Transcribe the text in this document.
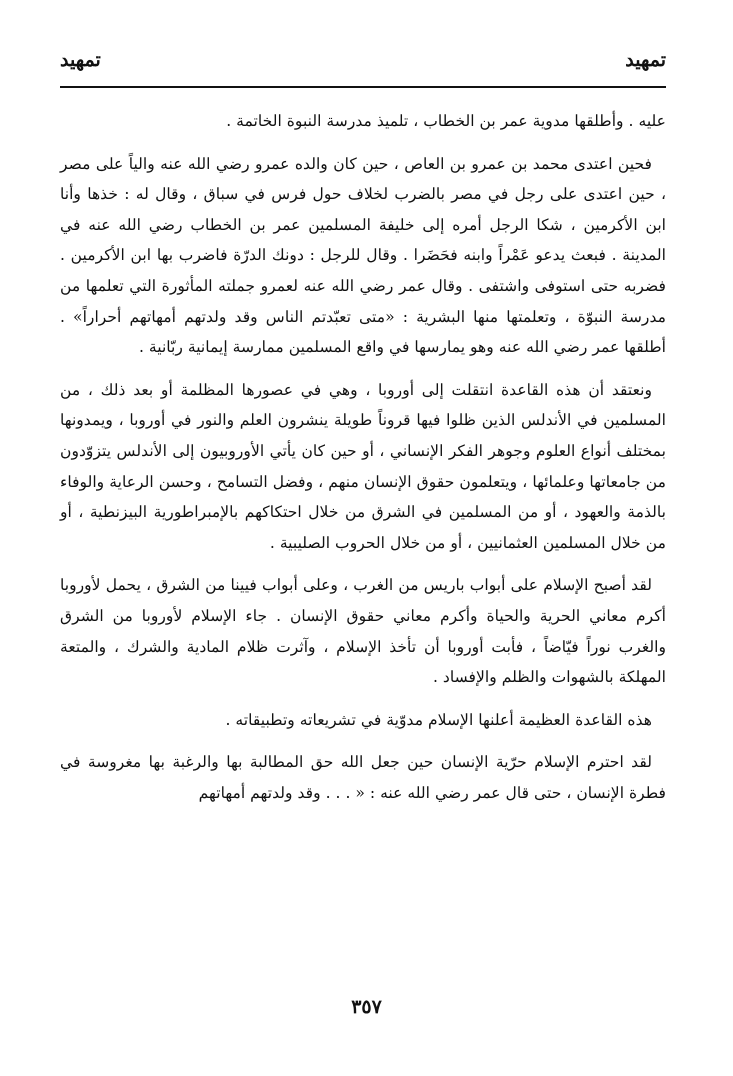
تمهيد
تمهيد

عليه . وأطلقها مدوية عمر بن الخطاب ، تلميذ مدرسة النبوة الخاتمة .

فحين اعتدى محمد بن عمرو بن العاص ، حين كان والده عمرو رضي الله عنه والياً على مصر ، حين اعتدى على رجل في مصر بالضرب لخلاف حول فرس في سباق ، وقال له : خذها وأنا ابن الأكرمين ، شكا الرجل أمره إلى خليفة المسلمين عمر بن الخطاب رضي الله عنه في المدينة . فبعث يدعو عَمْراً وابنه فحَضَرا . وقال للرجل : دونك الدرّة فاضرب بها ابن الأكرمين . فضربه حتى استوفى واشتفى . وقال عمر رضي الله عنه لعمرو جملته المأثورة التي تعلمها من مدرسة النبوّة ، وتعلمتها منها البشرية : «متى تعبّدتم الناس وقد ولدتهم أمهاتهم أحراراً» . أطلقها عمر رضي الله عنه وهو يمارسها في واقع المسلمين ممارسة إيمانية ربّانية .

ونعتقد أن هذه القاعدة انتقلت إلى أوروبا ، وهي في عصورها المظلمة أو بعد ذلك ، من المسلمين في الأندلس الذين ظلوا فيها قروناً طويلة ينشرون العلم والنور في أوروبا ، ويمدونها بمختلف أنواع العلوم وجوهر الفكر الإنساني ، أو حين كان يأتي الأوروبيون إلى الأندلس يتزوّدون من جامعاتها وعلمائها ، ويتعلمون حقوق الإنسان منهم ، وفضل التسامح ، وحسن الرعاية والوفاء بالذمة والعهود ، أو من المسلمين في الشرق من خلال احتكاكهم بالإمبراطورية البيزنطية ، أو من خلال المسلمين العثمانيين ، أو من خلال الحروب الصليبية .

لقد أصبح الإسلام على أبواب باريس من الغرب ، وعلى أبواب فيينا من الشرق ، يحمل لأوروبا أكرم معاني الحرية والحياة وأكرم معاني حقوق الإنسان . جاء الإسلام لأوروبا من الشرق والغرب نوراً فيّاضاً ، فأبت أوروبا أن تأخذ الإسلام ، وآثرت ظلام المادية والشرك ، والمتعة المهلكة بالشهوات والظلم والإفساد .

هذه القاعدة العظيمة أعلنها الإسلام مدوّية في تشريعاته وتطبيقاته .

لقد احترم الإسلام حرّية الإنسان حين جعل الله حق المطالبة بها والرغبة بها مغروسة في فطرة الإنسان ، حتى قال عمر رضي الله عنه : « . . . وقد ولدتهم أمهاتهم

٣٥٧
